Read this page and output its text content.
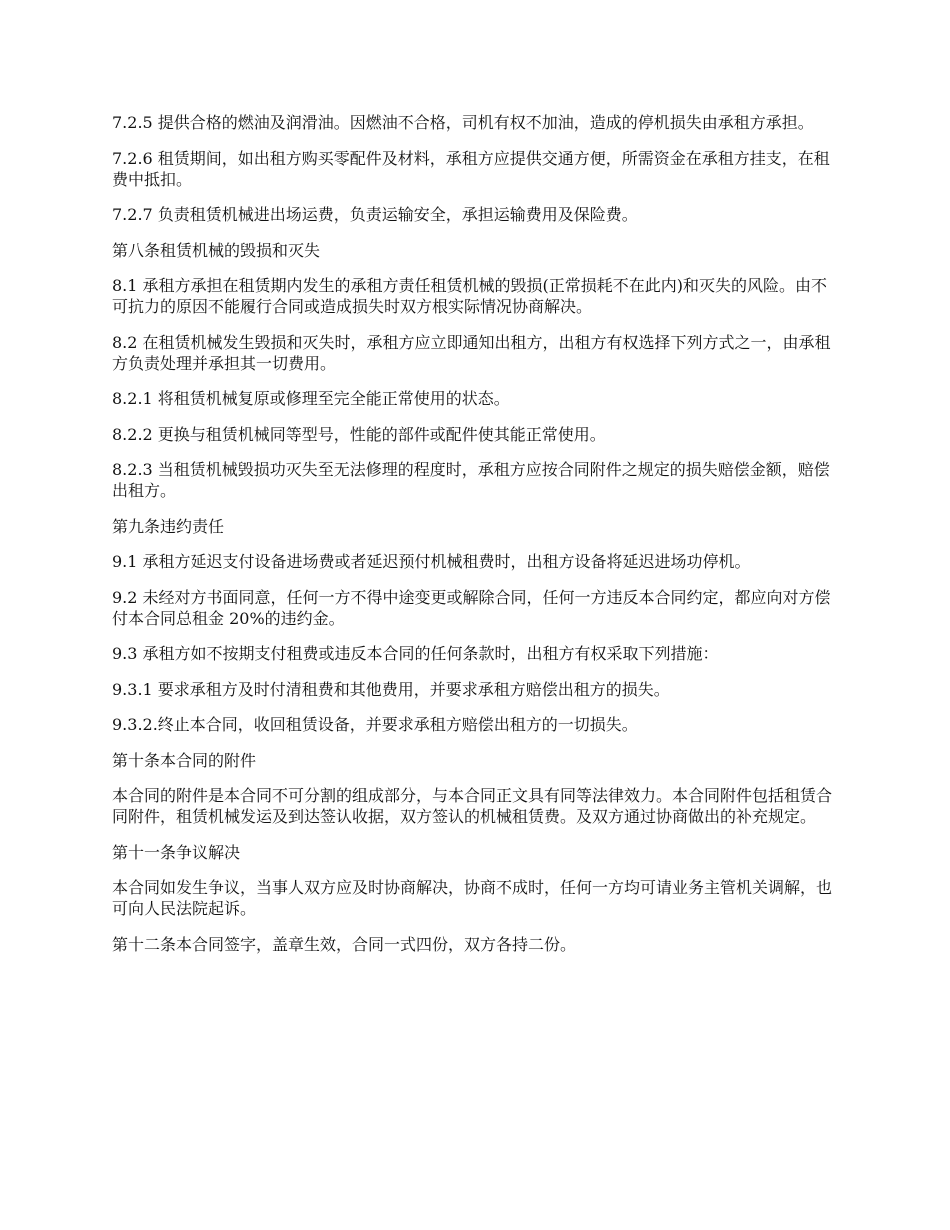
7.2.5 提供合格的燃油及润滑油。因燃油不合格，司机有权不加油，造成的停机损失由承租方承担。

7.2.6 租赁期间，如出租方购买零配件及材料，承租方应提供交通方便，所需资金在承租方挂支，在租费中抵扣。

7.2.7 负责租赁机械进出场运费，负责运输安全，承担运输费用及保险费。

第八条租赁机械的毁损和灭失

8.1 承租方承担在租赁期内发生的承租方责任租赁机械的毁损(正常损耗不在此内)和灭失的风险。由不可抗力的原因不能履行合同或造成损失时双方根实际情况协商解决。

8.2 在租赁机械发生毁损和灭失时，承租方应立即通知出租方，出租方有权选择下列方式之一，由承租方负责处理并承担其一切费用。

8.2.1 将租赁机械复原或修理至完全能正常使用的状态。

8.2.2 更换与租赁机械同等型号，性能的部件或配件使其能正常使用。

8.2.3 当租赁机械毁损功灭失至无法修理的程度时，承租方应按合同附件之规定的损失赔偿金额，赔偿出租方。

第九条违约责任

9.1 承租方延迟支付设备进场费或者延迟预付机械租费时，出租方设备将延迟进场功停机。

9.2 未经对方书面同意，任何一方不得中途变更或解除合同，任何一方违反本合同约定，都应向对方偿付本合同总租金 20%的违约金。

9.3 承租方如不按期支付租费或违反本合同的任何条款时，出租方有权采取下列措施：

9.3.1 要求承租方及时付清租费和其他费用，并要求承租方赔偿出租方的损失。

9.3.2.终止本合同，收回租赁设备，并要求承租方赔偿出租方的一切损失。

第十条本合同的附件

本合同的附件是本合同不可分割的组成部分，与本合同正文具有同等法律效力。本合同附件包括租赁合同附件，租赁机械发运及到达签认收据，双方签认的机械租赁费。及双方通过协商做出的补充规定。

第十一条争议解决

本合同如发生争议，当事人双方应及时协商解决，协商不成时，任何一方均可请业务主管机关调解，也可向人民法院起诉。

第十二条本合同签字，盖章生效，合同一式四份，双方各持二份。
